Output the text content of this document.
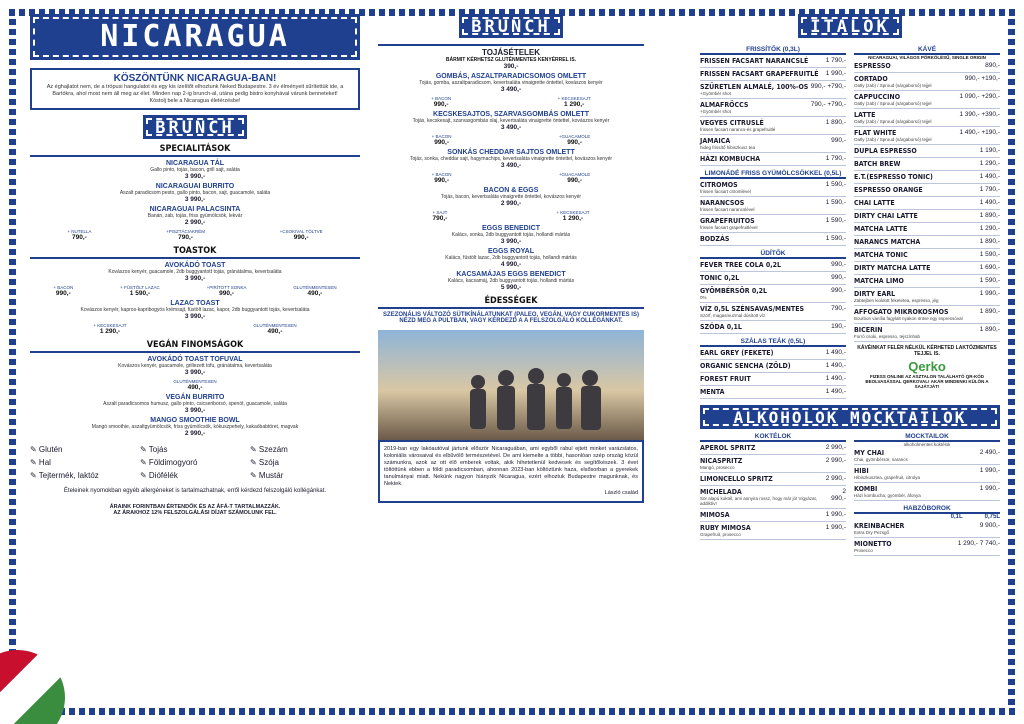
NICARAGUA
KÖSZÖNTÜNK NICARAGUA-BAN!

Az éghajlatot nem, de a trópusi hangulatot és egy kis ízelítőt elhoztunk Neked Budapestre. 3 év élményeit sűrítettük ide, a Bartókra, ahol most nem áll meg az élet. Minden nap 2-ig brunch-al, utána pedig bistro konyhával várunk benneteket!

Kóstolj bele a Nicaragua életérzésbe!

BRUNCH
SPECIALITÁSOK
NICARAGUA TÁL
Gallo pinto, tojás, bacon, grill sajt, saláta
3 990,-
NICARAGUAI BURRITO
Aszalt paradicsom pesto, gallo pinto, bacon, sajt, guacamole, saláta
3 990,-
NICARAGUAI PALACSINTA
Banán, zab, tojás, friss gyümölcsök, lekvár
2 990,-
+ NUTELLA
790,-
+PISZTÁCIAKRÉM
790,-
+CSOKIVAL TÖLTVE
990,-
TOASTOK
AVOKÁDÓ TOAST
Kovászos kenyér, guacamole, 2db buggyantott tojás, gránátalma, kevertsaláta
3 990,-
+ BACON
990,-
+ FÜSTÖLT LAZAC
1 590,-
+PIRÍTOTT SONKA
990,-
GLUTÉNMENTESEN
490,-
LAZAC TOAST
Kovászos kenyér, kapros-kapribogyós krémsajt, füstölt lazac, kapor, 2db buggyantott tojás, kevertsaláta
3 990,-
+ KECSKESAJT
1 290,-
GLUTÉNMENTESEN
490,-
VEGÁN FINOMSÁGOK
AVOKÁDÓ TOAST TOFUVAL
Kovászos kenyér, guacamole, grillezett tofu, gránátalma, kevertsaláta
3 990,-
GLUTÉNMENTESEN
490,-
VEGÁN BURRITO
Aszalt paradicsomos humusz, gallo pinto, csicseriborsó, spenót, guacamole, saláta
3 990,-
MANGO SMOOTHIE BOWL
Mangó smoothie, aszaltgyümölcsök, friss gyümölcsök, kókuszpehely, kakaóbabtöret, magvak
2 990,-
✎ Glutén	✎ Tojás	✎ Szezám
✎ Hal	✎ Földimogyoró	✎ Szója
✎ Tejtermék, laktóz	✎ Diófélék	✎ Mustár
Ételeinek nyomokban egyéb allergéneket is tartalmazhatnak, erről kérdezd felszolgáló kollégánkat.
ÁRAINK FORINTBAN ÉRTENDŐK ÉS AZ ÁFÁ-T TARTALMAZZÁK.
AZ ÁRAKHOZ 12% FELSZOLGÁLÁSI DÍJAT SZÁMOLUNK FEL.
BRUNCH
TOJÁSÉTELEK
BÁRMIT KÉRHETSZ GLUTÉNMENTES KENYÉRREL IS.
390,-
GOMBÁS, ASZALTPARADICSOMOS OMLETT
Tojás, gomba, aszaltparadicsom, kevertsaláta vinaigrette öntettel, kovászos kenyér
3 490,-
+ BACON
990,-
+ KECSKESAJT
1 290,-
KECSKESAJTOS, SZARVASGOMBÁS OMLETT
Tojás, kecskesajt, szarvasgombás olaj, kevertsaláta vinaigrette öntettel, kovászos kenyér
3 490,-
+ BACON
990,-
+GUACAMOLE
990,-
SONKÁS CHEDDAR SAJTOS OMLETT
Tojás, sonka, cheddar sajt, hagymachips, kevertsaláta vinaigrette öntettel, kovászos kenyér
3 490,-
+ BACON
990,-
+GUACAMOLE
990,-
BACON & EGGS
Tojás, bacon, kevertsaláta vinaigrette öntettel, kovászos kenyér
2 990,-
+ SAJT
790,-
+ KECSKESAJT
1 290,-
EGGS BENEDICT
Kalács, sonka, 2db buggyantott tojás, hollandi mártás
3 990,-
EGGS ROYAL
Kalács, füstölt lazac, 2db buggyantott tojás, hollandi mártás
4 990,-
KACSAMÁJAS EGGS BENEDICT
Kalács, kacsamáj, 2db buggyantott tojás, hollandi mártás
5 990,-
ÉDESSÉGEK
SZEZONÁLIS VÁLTOZÓ SÜTIKÍNÁLATUNKAT (PALEO, VEGÁN, VAGY CUKORMENTES IS) NÉZD MEG A PULTBAN, VAGY KÉRDEZD A A FELSZOLGÁLÓ KOLLÉGÁNKAT.
2019-ban egy lakóautóval jártunk először Nicaraguában, ami egyből rabul ejtett minket varázslatos, koloniális városaival és elbűvölő természetével. De ami kiemelte a többi, hasonlóan szép ország közül számunkra, azok az ott élő emberek voltak, akik hihetetlenül kedvesek és segítőkészek. 3 évet töltöttünk ebben a földi paradicsomban, ahonnan 2023-ban költöztünk haza, elsősorban a gyerekek tanulmányai miatt. Nekünk nagyon hiányzik Nicaragua, ezért elhoztuk Budapestre magunknak, és Nektek.
László család
ITALOK
FRISSÍTŐK (0,3L)
FRISSEN FACSART NARANCSLÉ	1 790,-
FRISSEN FACSART GRAPEFRUITLÉ 1 990,-
SZŰRETLEN ALMALÉ, 100%-OS
+Gyömbér shot
990,- +790,-
ALMAFRÖCCS
+Gyömbér shot
790,- +790,-
VEGYES CITRUSLÉ
frissen facsart narancs-és grapefruitlé
1 890,-
JAMAICA
hideg frissítő hibiszkusz tea
990,-
HÁZI KOMBUCHA	1 790,-
LIMONÁDÉ FRISS GYÜMÖLCSÖKKEL (0,5L)
CITROMOS
frissen facsart citromlével
1 590,-
NARANCSOS
frissen facsart narancslével
1 590,-
GRAPEFRUITOS
frissen facsart grapefruitlével
1 590,-
BODZÁS	1 590,-
ÜDÍTŐK
FEVER TREE COLA 0,2L	990,-
TONIC 0,2L	990,-
GYÖMBÉRSÖR 0,2L
0%
990,-
VÍZ 0,5L SZÉNSAVAS/MENTES
Szörf, magasmuzmal dúsított víz
790,-
SZÓDA 0,1L	190,-
SZÁLAS TEÁK (0,5L)
EARL GREY (FEKETE)	1 490,-
ORGANIC SENCHA (ZÖLD)	1 490,-
FOREST FRUIT	1 490,-
MENTA	1 490,-
KÁVÉ
NICARAGUAI, VILÁGOS PÖRKÖLÉSŰ, SINGLE ORIGIN
ESPRESSO	890,-
CORTADO
Oatly (zab) / Sproud (sárgaborsó) tejjel
990,- +190,-
CAPPUCCINO
Oatly (zab) / Sproud (sárgaborsó) tejjel
1 090,- +290,-
LATTE
Oatly (zab) / Sproud (sárgaborsó) tejjel
1 390,- +390,-
FLAT WHITE
Oatly (zab) / Sproud (sárgaborsó) tejjel
1 490,- +190,-
DUPLA ESPRESSO	1 190,-
BATCH BREW	1 290,-
E.T.(ESPRESSO TONIC)	1 490,-
ESPRESSO ORANGE	1 790,-
CHAI LATTE	1 490,-
DIRTY CHAI LATTE	1 890,-
MATCHA LATTE	1 290,-
NARANCS MATCHA	1 890,-
MATCHA TONIC	1 590,-
DIRTY MATCHA LATTE	1 690,-
MATCHA LIMO	1 590,-
DIRTY EARL
Zabtejben kioldott feketetea, espresso, jég
1 990,-
AFFOGATO MIKROKOSMOS
Bourbon vanília fagylalt nyakon öntve egy espressóval
1 890,-
BICERIN
Forró csoki, espresso, tejszínhab
1 890,-
KÁVÉINKAT FELÉR NÉLKÜL KÉRHETED LAKTÓZMENTES TEJJEL IS.
Qerko
FIZESS ONLINE AZ ASZTALON TALÁLHATÓ QR-KÓD BEOLVASÁSSAL QERKOVAL! AKÁR MINDENKI KÜLÖN A SAJÁTJÁT!
ALKOHOLOK MOCKTAILOK
KOKTÉLOK
APEROL SPRITZ	2 990,-
NICASPRITZ
Mangó, prosecco
2 990,-
LIMONCELLO SPRITZ	2 990,-
MICHELADA
Sör alapú koktél, ami annyira rossz, hogy már jó! Vigyázat, addiktív!
2 990,-
MIMOSA	1 990,-
RUBY MIMOSA
Grapefruit, prosecco
1 990,-
MOCKTAILOK
alkoholmentes koktélok
MY CHAI
Chai, gyömbérsör, narancs
2 490,-
HIBI
Hibiszkusztea, grapefruit, citrolya
1 990,-
KOMBI
Házi kombucha, gyömbér, áfonya
1 990,-
HABZÓBOROK
0,1L	0,75L
KREINBACHER
Extra Dry Pezsgő
9 900,-
MIONETTO
Prosecco
1 290,- 7 740,-
